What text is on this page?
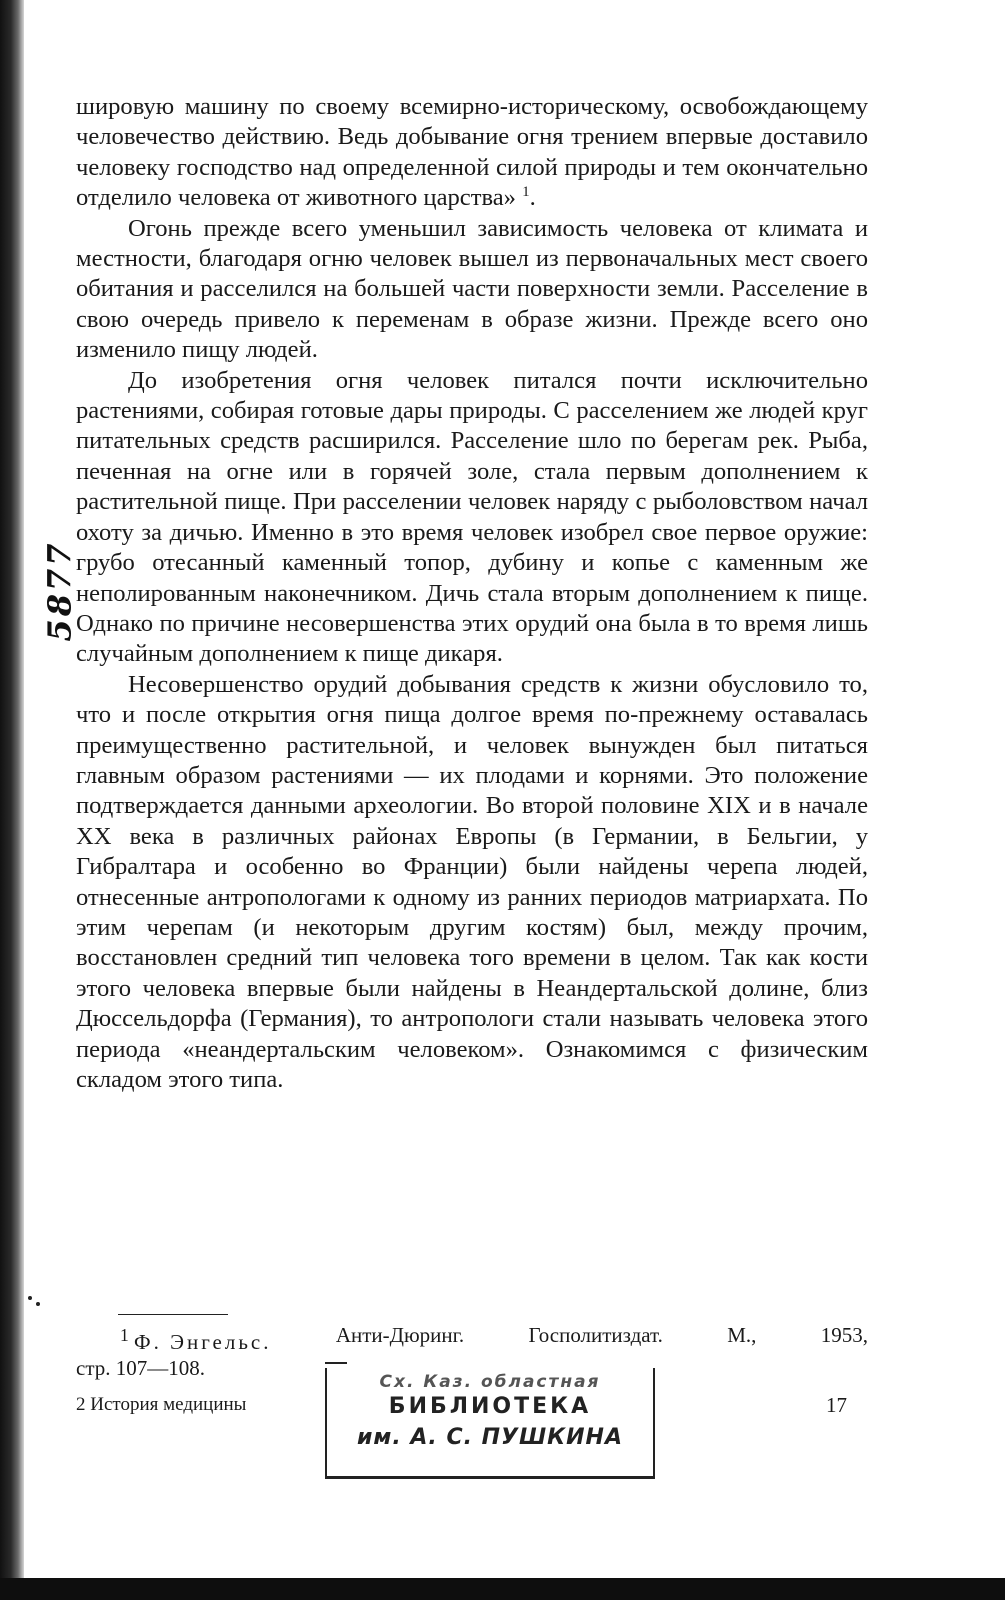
шировую машину по своему всемирно-историческому, освобождающему человечество действию. Ведь добывание огня трением впервые доставило человеку господство над определенной силой природы и тем окончательно отделило человека от животного царства» $^1$.

Огонь прежде всего уменьшил зависимость человека от климата и местности, благодаря огню человек вышел из первоначальных мест своего обитания и расселился на большей части поверхности земли. Расселение в свою очередь привело к переменам в образе жизни. Прежде всего оно изменило пищу людей.

До изобретения огня человек питался почти исключительно растениями, собирая готовые дары природы. С расселением же людей круг питательных средств расширился. Расселение шло по берегам рек. Рыба, печенная на огне или в горячей золе, стала первым дополнением к растительной пище. При расселении человек наряду с рыболовством начал охоту за дичью. Именно в это время человек изобрел свое первое оружие: грубо отесанный каменный топор, дубину и копье с каменным же неполированным наконечником. Дичь стала вторым дополнением к пище. Однако по причине несовершенства этих орудий она была в то время лишь случайным дополнением к пище дикаря.

Несовершенство орудий добывания средств к жизни обусловило то, что и после открытия огня пища долгое время по-прежнему оставалась преимущественно растительной, и человек вынужден был питаться главным образом растениями — их плодами и корнями. Это положение подтверждается данными археологии. Во второй половине XIX и в начале XX века в различных районах Европы (в Германии, в Бельгии, у Гибралтара и особенно во Франции) были найдены черепа людей, отнесенные антропологами к одному из ранних периодов матриархата. По этим черепам (и некоторым другим костям) был, между прочим, восстановлен средний тип человека того времени в целом. Так как кости этого человека впервые были найдены в Неандертальской долине, близ Дюссельдорфа (Германия), то антропологи стали называть человека этого периода «неандертальским человеком». Ознакомимся с физическим складом этого типа.

5877
$^1$ Ф. Энгельс.	Анти-Дюринг.	Госполитиздат.	М.,	1953,
стр. 107—108.
2 История медицины	17
Сх. Каз. областная
БИБЛИОТЕКА
им. А. С. ПУШКИНА
